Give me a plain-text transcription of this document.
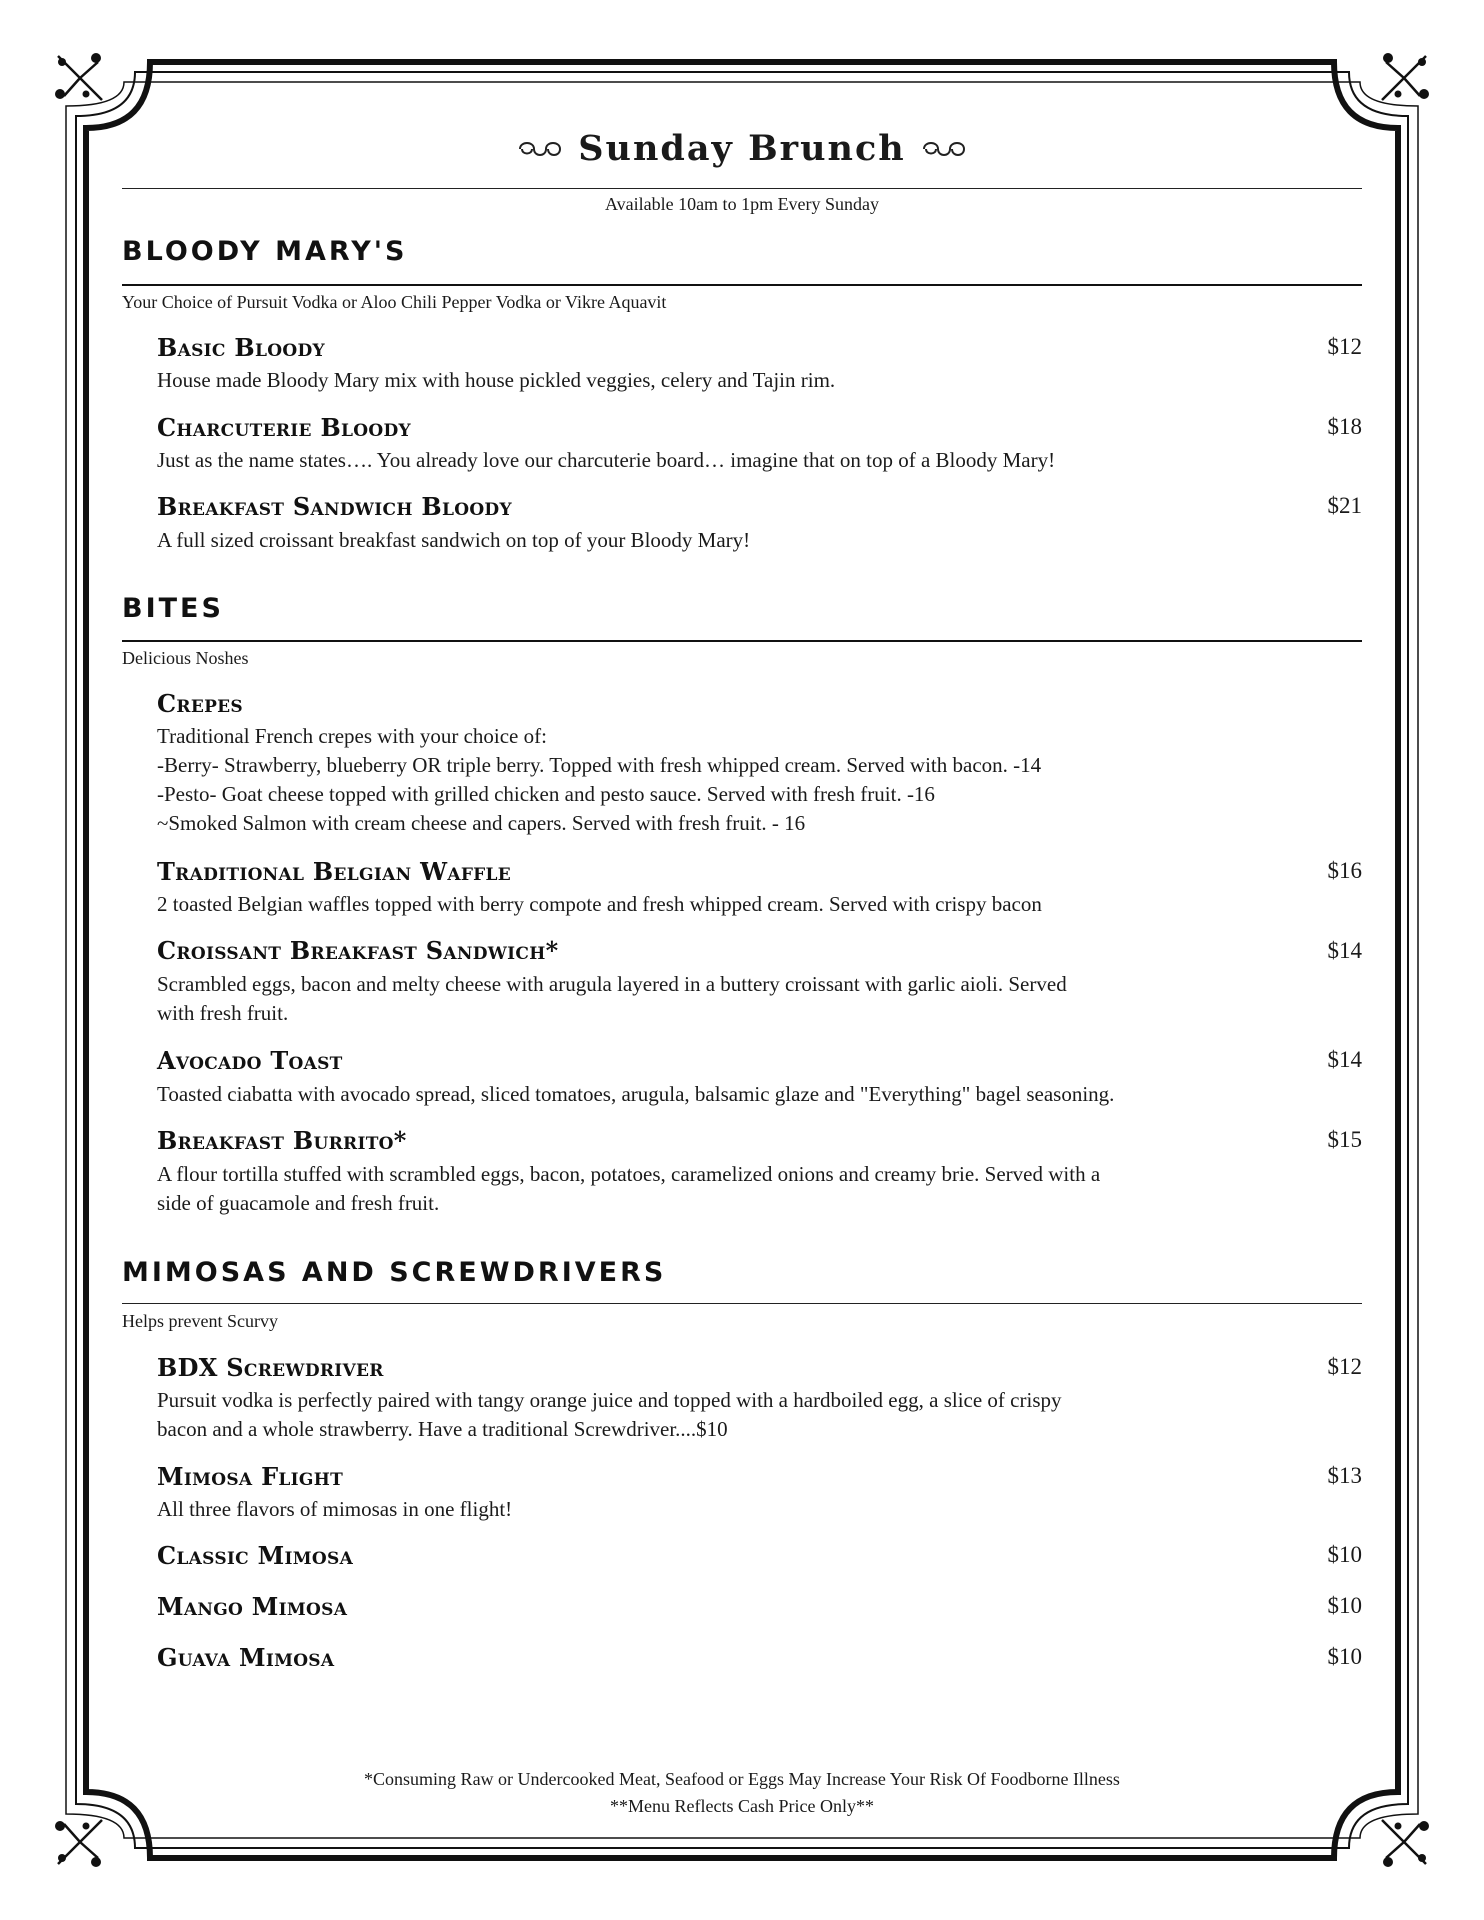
Sunday Brunch
Available 10am to 1pm Every Sunday
BLOODY MARY'S
Your Choice of Pursuit Vodka or Aloo Chili Pepper Vodka or Vikre Aquavit
Basic Bloody	$12
House made Bloody Mary mix with house pickled veggies, celery and Tajin rim.
Charcuterie Bloody	$18
Just as the name states…. You already love our charcuterie board… imagine that on top of a Bloody Mary!
Breakfast Sandwich Bloody	$21
A full sized croissant breakfast sandwich on top of your Bloody Mary!
BITES
Delicious Noshes
Crepes
Traditional French crepes with your choice of:
-Berry- Strawberry, blueberry OR triple berry. Topped with fresh whipped cream. Served with bacon. -14
-Pesto- Goat cheese topped with grilled chicken and pesto sauce. Served with fresh fruit. -16
~Smoked Salmon with cream cheese and capers. Served with fresh fruit. - 16
Traditional Belgian Waffle	$16
2 toasted Belgian waffles topped with berry compote and fresh whipped cream. Served with crispy bacon
Croissant Breakfast Sandwich*	$14
Scrambled eggs, bacon and melty cheese with arugula layered in a buttery croissant with garlic aioli. Served
with fresh fruit.
Avocado Toast	$14
Toasted ciabatta with avocado spread, sliced tomatoes, arugula, balsamic glaze and "Everything" bagel seasoning.
Breakfast Burrito*	$15
A flour tortilla stuffed with scrambled eggs, bacon, potatoes, caramelized onions and creamy brie. Served with a
side of guacamole and fresh fruit.
MIMOSAS AND SCREWDRIVERS
Helps prevent Scurvy
BDX Screwdriver	$12
Pursuit vodka is perfectly paired with tangy orange juice and topped with a hardboiled egg, a slice of crispy
bacon and a whole strawberry. Have a traditional Screwdriver....$10
Mimosa Flight	$13
All three flavors of mimosas in one flight!
Classic Mimosa	$10
Mango Mimosa	$10
Guava Mimosa	$10
*Consuming Raw or Undercooked Meat, Seafood or Eggs May Increase Your Risk Of Foodborne Illness
**Menu Reflects Cash Price Only**
